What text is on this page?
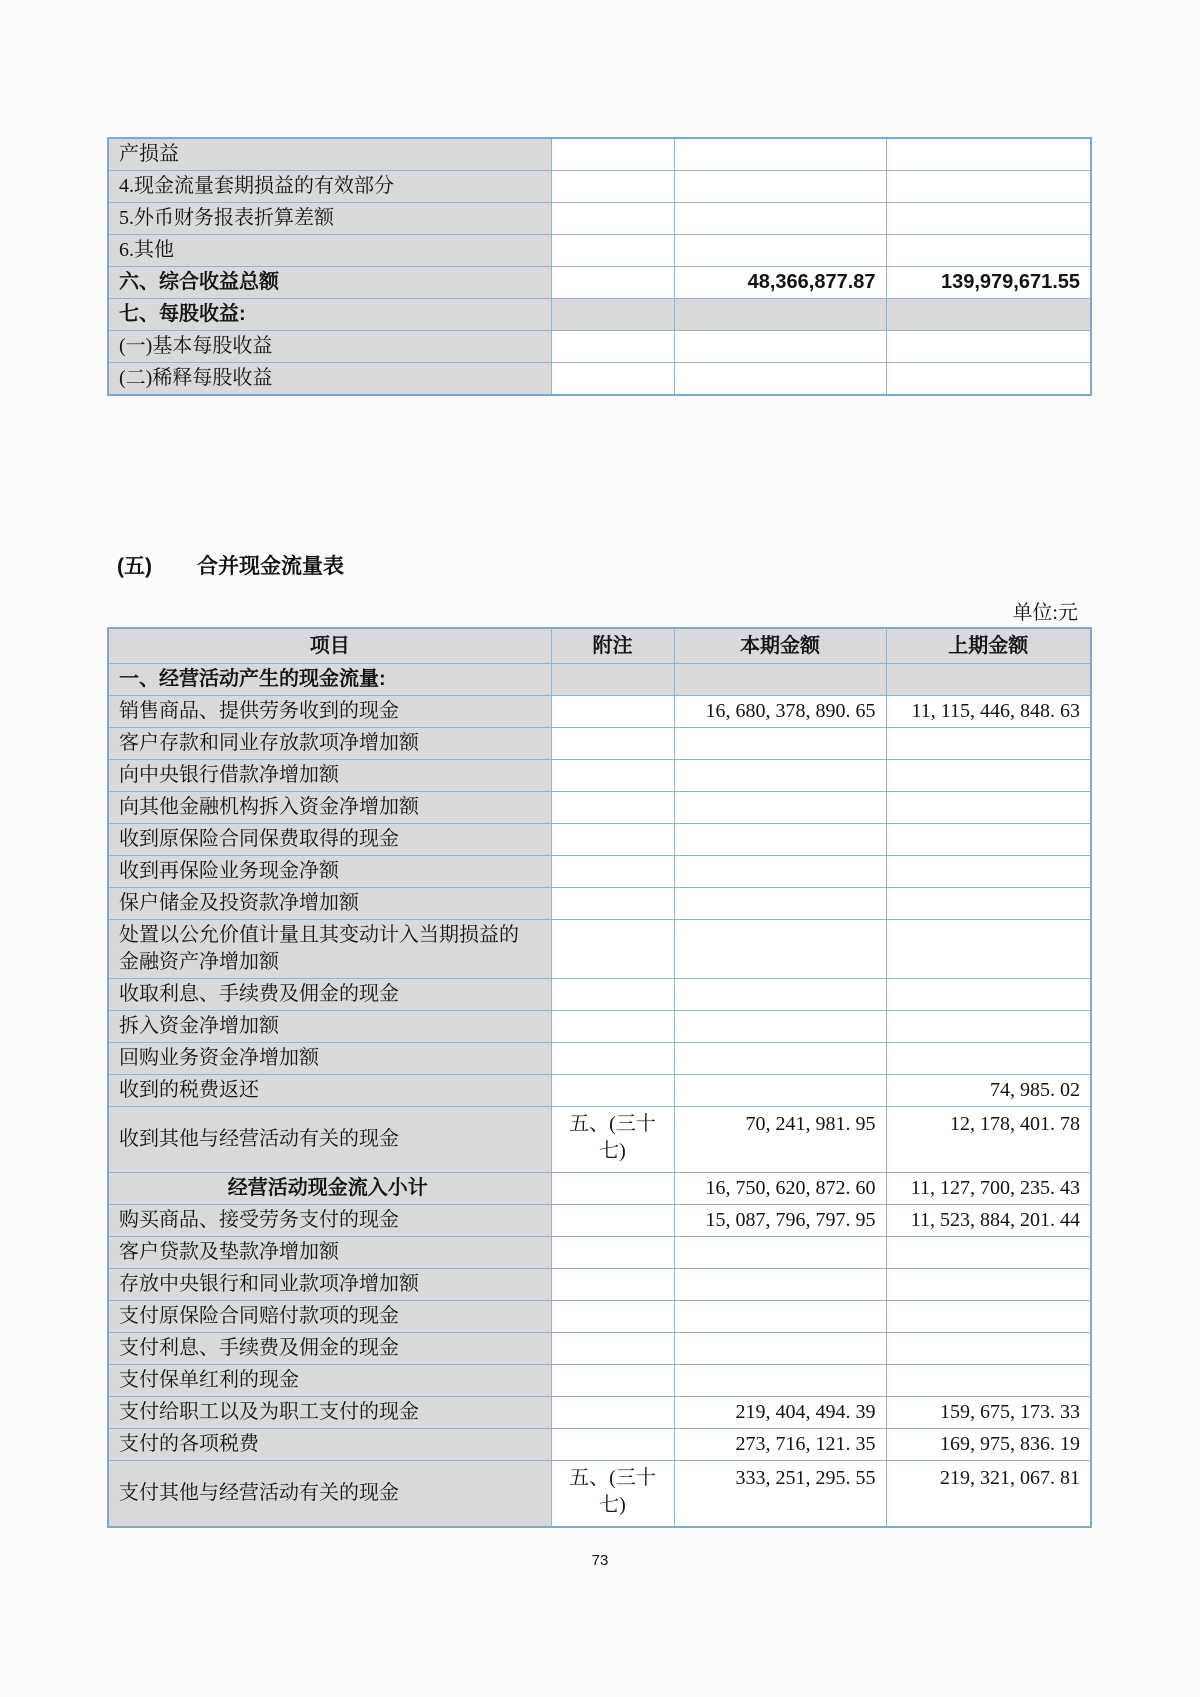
产损益			
4.现金流量套期损益的有效部分			
5.外币财务报表折算差额			
6.其他			
六、综合收益总额		48,366,877.87	139,979,671.55
七、每股收益:			
(一)基本每股收益			
(二)稀释每股收益			
(五)	合并现金流量表
单位:元
项目	附注	本期金额	上期金额
一、经营活动产生的现金流量:			
销售商品、提供劳务收到的现金		16, 680, 378, 890. 65	11, 115, 446, 848. 63
客户存款和同业存放款项净增加额			
向中央银行借款净增加额			
向其他金融机构拆入资金净增加额			
收到原保险合同保费取得的现金			
收到再保险业务现金净额			
保户储金及投资款净增加额			
处置以公允价值计量且其变动计入当期损益的金融资产净增加额			
收取利息、手续费及佣金的现金			
拆入资金净增加额			
回购业务资金净增加额			
收到的税费返还			74, 985. 02
收到其他与经营活动有关的现金	五、(三十七)	70, 241, 981. 95	12, 178, 401. 78
经营活动现金流入小计		16, 750, 620, 872. 60	11, 127, 700, 235. 43
购买商品、接受劳务支付的现金		15, 087, 796, 797. 95	11, 523, 884, 201. 44
客户贷款及垫款净增加额			
存放中央银行和同业款项净增加额			
支付原保险合同赔付款项的现金			
支付利息、手续费及佣金的现金			
支付保单红利的现金			
支付给职工以及为职工支付的现金		219, 404, 494. 39	159, 675, 173. 33
支付的各项税费		273, 716, 121. 35	169, 975, 836. 19
支付其他与经营活动有关的现金	五、(三十七)	333, 251, 295. 55	219, 321, 067. 81
73
